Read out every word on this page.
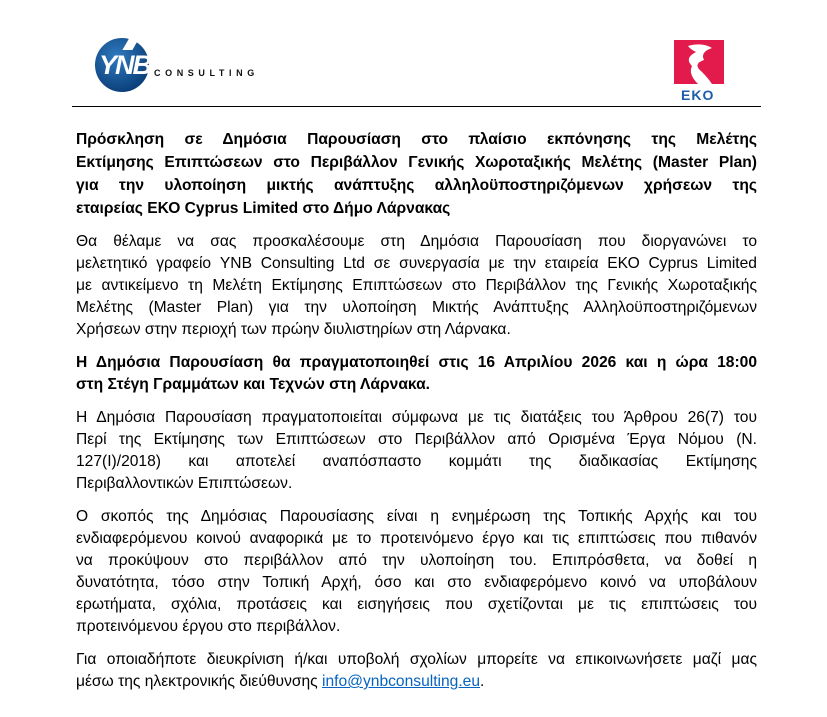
YNB CONSULTING
EKO
Πρόσκληση σε Δημόσια Παρουσίαση στο πλαίσιο εκπόνησης της Μελέτης
Εκτίμησης Επιπτώσεων στο Περιβάλλον Γενικής Χωροταξικής Μελέτης (Master Plan)
για την υλοποίηση μικτής ανάπτυξης αλληλοϋποστηριζόμενων χρήσεων της
εταιρείας ΕΚΟ Cyprus Limited στο Δήμο Λάρνακας
Θα θέλαμε να σας προσκαλέσουμε στη Δημόσια Παρουσίαση που διοργανώνει το
μελετητικό γραφείο YNB Consulting Ltd σε συνεργασία με την εταιρεία ΕΚΟ Cyprus Limited
με αντικείμενο τη Μελέτη Εκτίμησης Επιπτώσεων στο Περιβάλλον της Γενικής Χωροταξικής
Μελέτης (Master Plan) για την υλοποίηση Μικτής Ανάπτυξης Αλληλοϋποστηριζόμενων
Χρήσεων στην περιοχή των πρώην διυλιστηρίων στη Λάρνακα.
Η Δημόσια Παρουσίαση θα πραγματοποιηθεί στις 16 Απριλίου 2026 και η ώρα 18:00
στη Στέγη Γραμμάτων και Τεχνών στη Λάρνακα.
Η Δημόσια Παρουσίαση πραγματοποιείται σύμφωνα με τις διατάξεις του Άρθρου 26(7) του
Περί της Εκτίμησης των Επιπτώσεων στο Περιβάλλον από Ορισμένα Έργα Νόμου (Ν.
127(Ι)/2018) και αποτελεί αναπόσπαστο κομμάτι της διαδικασίας Εκτίμησης
Περιβαλλοντικών Επιπτώσεων.
Ο σκοπός της Δημόσιας Παρουσίασης είναι η ενημέρωση της Τοπικής Αρχής και του
ενδιαφερόμενου κοινού αναφορικά με το προτεινόμενο έργο και τις επιπτώσεις που πιθανόν
να προκύψουν στο περιβάλλον από την υλοποίηση του. Επιπρόσθετα, να δοθεί η
δυνατότητα, τόσο στην Τοπική Αρχή, όσο και στο ενδιαφερόμενο κοινό να υποβάλουν
ερωτήματα, σχόλια, προτάσεις και εισηγήσεις που σχετίζονται με τις επιπτώσεις του
προτεινόμενου έργου στο περιβάλλον.
Για οποιαδήποτε διευκρίνιση ή/και υποβολή σχολίων μπορείτε να επικοινωνήσετε μαζί μας
μέσω της ηλεκτρονικής διεύθυνσης info@ynbconsulting.eu.
